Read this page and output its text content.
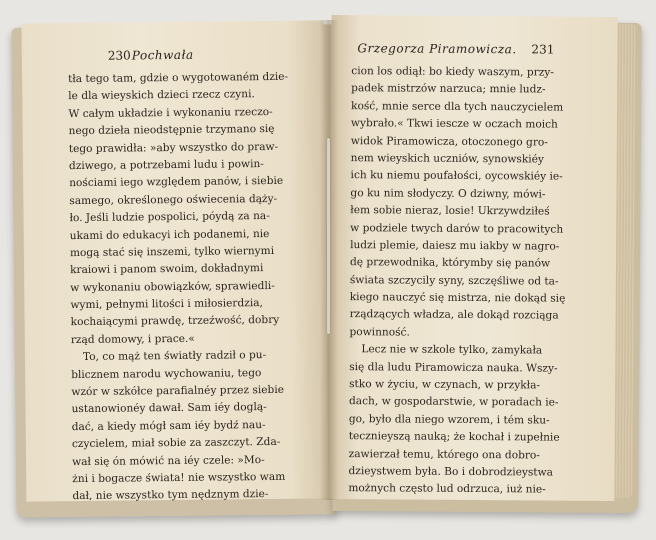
230 Pochwała
tła tego tam, gdzie o wygotowaném dzie-
le dla wieyskich dzieci rzecz czyni.
W całym układzie i wykonaniu rzeczo-
nego dzieła nieodstępnie trzymano się
tego prawidła: »aby wszystko do praw-
dziwego, a potrzebami ludu i powin-
nościami iego względem panów, i siebie
samego, określonego oświecenia dąży-
ło. Jeśli ludzie pospolici, póydą za na-
ukami do edukacyi ich podanemi, nie
mogą stać się inszemi, tylko wiernymi
kraiowi i panom swoim, dokładnymi
w wykonaniu obowiązków, sprawiedli-
wymi, pełnymi litości i miłosierdzia,
kochaiącymi prawdę, trzeźwość, dobry
rząd domowy, i prace.«
To, co mąż ten światły radził o pu-
blicznem narodu wychowaniu, tego
wzór w szkółce parafialnéy przez siebie
ustanowionéy dawał. Sam iéy doglą-
dać, a kiedy mógł sam iéy bydź nau-
czycielem, miał sobie za zaszczyt. Zda-
wał się ón mówić na iéy czele: »Mo-
żni i bogacze świata! nie wszystko wam
dał, nie wszystko tym nędznym dzie-
Grzegorza Piramowicza. 231
cion los odiął: bo kiedy waszym, przy-
padek mistrzów narzuca; mnie ludz-
kość, mnie serce dla tych nauczycielem
wybrało.« Tkwi iescze w oczach moich
widok Piramowicza, otoczonego gro-
nem wieyskich uczniów, synowskiéy
ich ku niemu poufałości, oycowskiéy ie-
go ku nim słodyczy. O dziwny, mówi-
łem sobie nieraz, losie! Ukrzywdziłeś
w podziele twych darów to pracowitych
ludzi plemie, daiesz mu iakby w nagro-
dę przewodnika, którymby się panów
świata szczycily syny, szczęśliwe od ta-
kiego nauczyć się mistrza, nie dokąd się
rządzących władza, ale dokąd rozciąga
powinność.
Lecz nie w szkole tylko, zamykała
się dla ludu Piramowicza nauka. Wszy-
stko w życiu, w czynach, w przykła-
dach, w gospodarstwie, w poradach ie-
go, było dla niego wzorem, i tém sku-
tecznieyszą nauką; że kochał i zupełnie
zawierzał temu, którego ona dobro-
dzieystwem była. Bo i dobrodzieystwa
możnych często lud odrzuca, iuż nie-
